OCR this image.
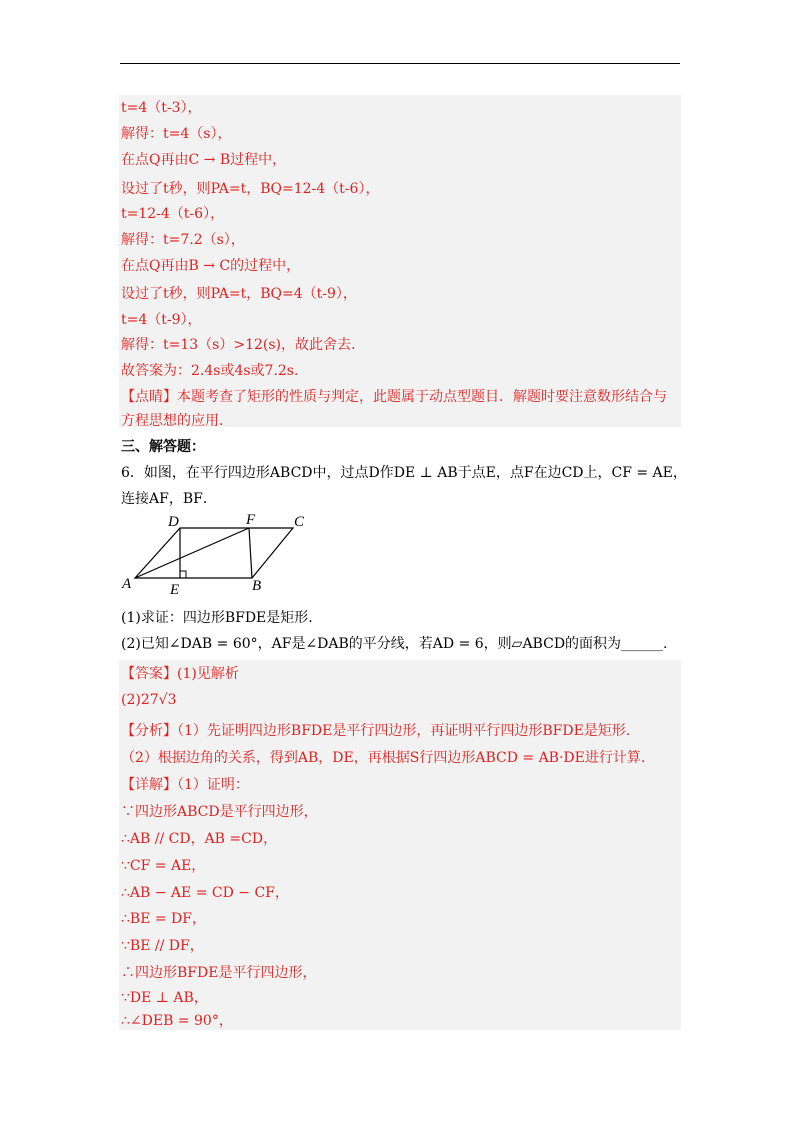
t=4（t-3），
解得：t=4（s），
在点Q再由C → B过程中，
设过了t秒，则PA=t，BQ=12-4（t-6），
t=12-4（t-6），
解得：t=7.2（s），
在点Q再由B → C的过程中，
设过了t秒，则PA=t，BQ=4（t-9），
t=4（t-9），
解得：t=13（s）>12(s)，故此舍去.
故答案为：2.4s或4s或7.2s.
【点睛】本题考查了矩形的性质与判定，此题属于动点型题目．解题时要注意数形结合与方程思想的应用．
三、解答题：
6．如图，在平行四边形ABCD中，过点D作DE ⊥ AB于点E，点F在边CD上，CF = AE，
连接AF，BF．
A	B
C
D
E
F
(1)求证：四边形BFDE是矩形.
(2)已知∠DAB = 60°，AF是∠DAB的平分线，若AD = 6，则▱ABCD的面积为______.
【答案】(1)见解析
(2)27√3
【分析】（1）先证明四边形BFDE是平行四边形，再证明平行四边形BFDE是矩形.
（2）根据边角的关系，得到AB，DE，再根据S行四边形ABCD = AB·DE进行计算.
【详解】（1）证明：
∵四边形ABCD是平行四边形，
∴AB // CD，AB =CD，
∵CF = AE，
∴AB − AE = CD − CF，
∴BE = DF，
∵BE // DF，
∴四边形BFDE是平行四边形，
∵DE ⊥ AB，
∴∠DEB = 90°，
